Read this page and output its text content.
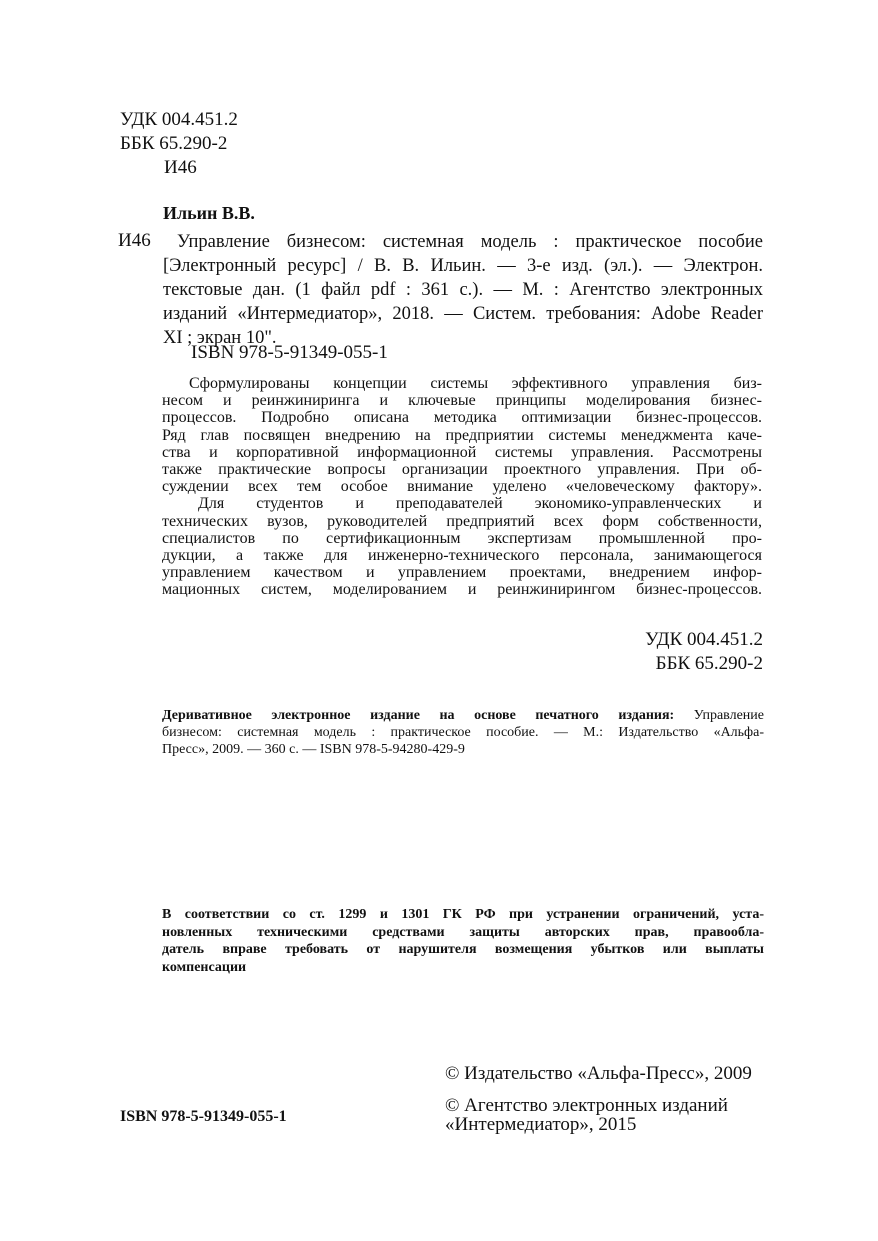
УДК 004.451.2
ББК 65.290-2
И46
Ильин В.В.
И46	Управление бизнесом: системная модель : практическое пособие
[Электронный ресурс] / В. В. Ильин. — 3-е изд. (эл.). — Электрон.
текстовые дан. (1 файл pdf : 361 с.). — М. : Агентство электронных
изданий «Интермедиатор», 2018. — Систем. требования: Adobe Reader
XI ; экран 10".
ISBN 978-5-91349-055-1
Сформулированы концепции системы эффективного управления биз-
несом и реинжиниринга и ключевые принципы моделирования бизнес-
процессов. Подробно описана методика оптимизации бизнес-процессов.
Ряд глав посвящен внедрению на предприятии системы менеджмента каче-
ства и корпоративной информационной системы управления. Рассмотрены
также практические вопросы организации проектного управления. При об-
суждении всех тем особое внимание уделено «человеческому фактору».
Для студентов и преподавателей экономико-управленческих и
технических вузов, руководителей предприятий всех форм собственности,
специалистов по сертификационным экспертизам промышленной про-
дукции, а также для инженерно-технического персонала, занимающегося
управлением качеством и управлением проектами, внедрением инфор-
мационных систем, моделированием и реинжинирингом бизнес-процессов.
УДК 004.451.2
ББК 65.290-2
Деривативное электронное издание на основе печатного издания: Управление
бизнесом: системная модель : практическое пособие. — М.: Издательство «Альфа-
Пресс», 2009. — 360 с. — ISBN 978-5-94280-429-9
В соответствии со ст. 1299 и 1301 ГК РФ при устранении ограничений, уста-
новленных техническими средствами защиты авторских прав, правообла-
датель вправе требовать от нарушителя возмещения убытков или выплаты
компенсации
© Издательство «Альфа-Пресс», 2009
© Агентство электронных изданий
«Интермедиатор», 2015
ISBN 978-5-91349-055-1
